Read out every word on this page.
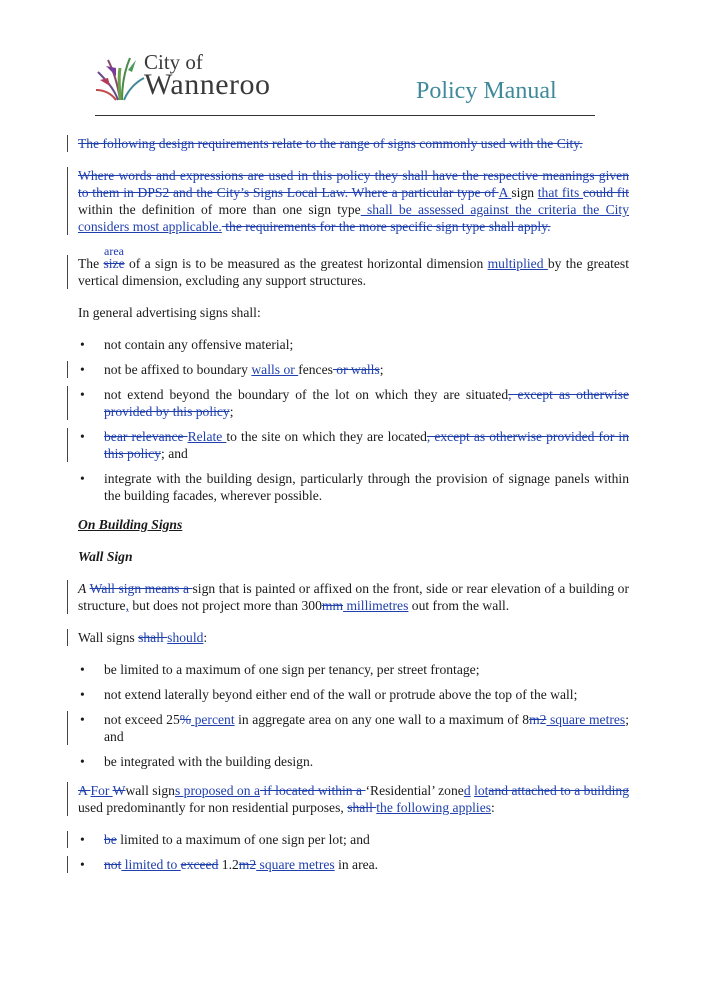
City of
Wanneroo	Policy Manual

The following design requirements relate to the range of signs commonly used with the City.

Where words and expressions are used in this policy they shall have the respective meanings given to them in DPS2 and the City’s Signs Local Law. Where a particular type of A sign that fits could fit within the definition of more than one sign type shall be assessed against the criteria the City considers most applicable. the requirements for the more specific sign type shall apply.

area
The size of a sign is to be measured as the greatest horizontal dimension multiplied by the greatest vertical dimension, excluding any support structures.

In general advertising signs shall:

• not contain any offensive material;
• not be affixed to boundary walls or fences or walls;
• not extend beyond the boundary of the lot on which they are situated, except as otherwise provided by this policy;
• bear relevance Relate to the site on which they are located, except as otherwise provided for in this policy; and
• integrate with the building design, particularly through the provision of signage panels within the building facades, wherever possible.

On Building Signs

Wall Sign

A Wall sign means a sign that is painted or affixed on the front, side or rear elevation of a building or structure, but does not project more than 300mm millimetres out from the wall.

Wall signs shall should:

• be limited to a maximum of one sign per tenancy, per street frontage;
• not extend laterally beyond either end of the wall or protrude above the top of the wall;
• not exceed 25% percent in aggregate area on any one wall to a maximum of 8m2 square metres; and
• be integrated with the building design.

A For Wwall signs proposed on a if located within a ‘Residential’ zoned lotand attached to a building used predominantly for non residential purposes, shall the following applies:

• be limited to a maximum of one sign per lot; and
• not limited to exceed 1.2m2 square metres in area.
